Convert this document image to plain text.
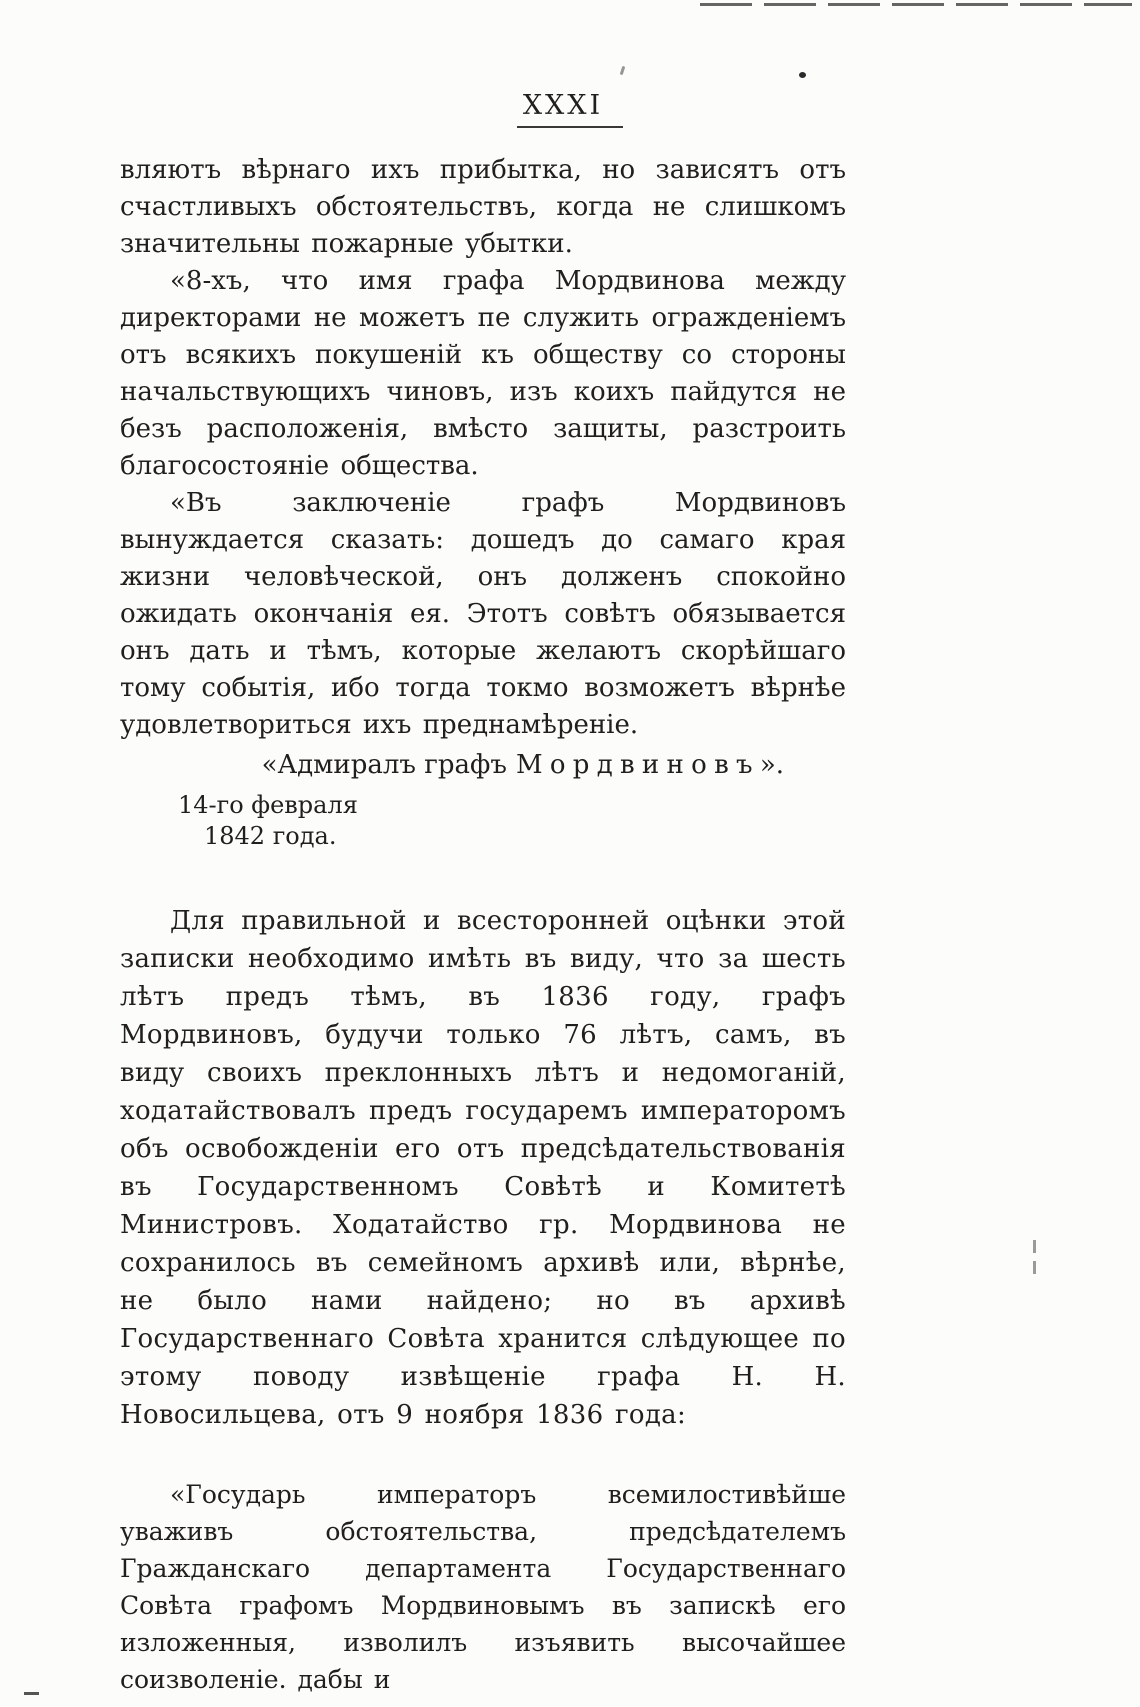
XXXI

вляютъ вѣрнаго ихъ прибытка, но зависятъ отъ счастливыхъ обстоятельствъ, когда не слишкомъ значительны пожарные убытки.

«8-хъ, что имя графа Мордвинова между директорами не можетъ пе служить огражденіемъ отъ всякихъ покушеній къ обществу со стороны начальствующихъ чиновъ, изъ коихъ пайдутся не безъ расположенія, вмѣсто защиты, разстроить благосостояніе общества.

«Въ заключеніе графъ Мордвиновъ вынуждается сказать: дошедъ до самаго края жизни человѣческой, онъ долженъ спокойно ожидать окончанія ея. Этотъ совѣтъ обязывается онъ дать и тѣмъ, которые желаютъ скорѣйшаго тому событія, ибо тогда токмо возможетъ вѣрнѣе удовлетвориться ихъ преднамѣреніе.

«Адмиралъ графъ Мордвиновъ».

14-го февраля
1842 года.

Для правильной и всесторонней оцѣнки этой записки необходимо имѣть въ виду, что за шесть лѣтъ предъ тѣмъ, въ 1836 году, графъ Мордвиновъ, будучи только 76 лѣтъ, самъ, въ виду своихъ преклонныхъ лѣтъ и недомоганій, ходатайствовалъ предъ государемъ императоромъ объ освобожденіи его отъ предсѣдательствованія въ Государственномъ Совѣтѣ и Комитетѣ Министровъ. Ходатайство гр. Мордвинова не сохранилось въ семейномъ архивѣ или, вѣрнѣе, не было нами найдено; но въ архивѣ Государственнаго Совѣта хранится слѣдующее по этому поводу извѣщеніе графа Н. Н. Новосильцева, отъ 9 ноября 1836 года:

«Государь императоръ всемилостивѣйше уваживъ обстоятельства, предсѣдателемъ Гражданскаго департамента Государственнаго Совѣта графомъ Мордвиновымъ въ запискѣ его изложенныя, изволилъ изъявить высочайшее соизволеніе. дабы и
